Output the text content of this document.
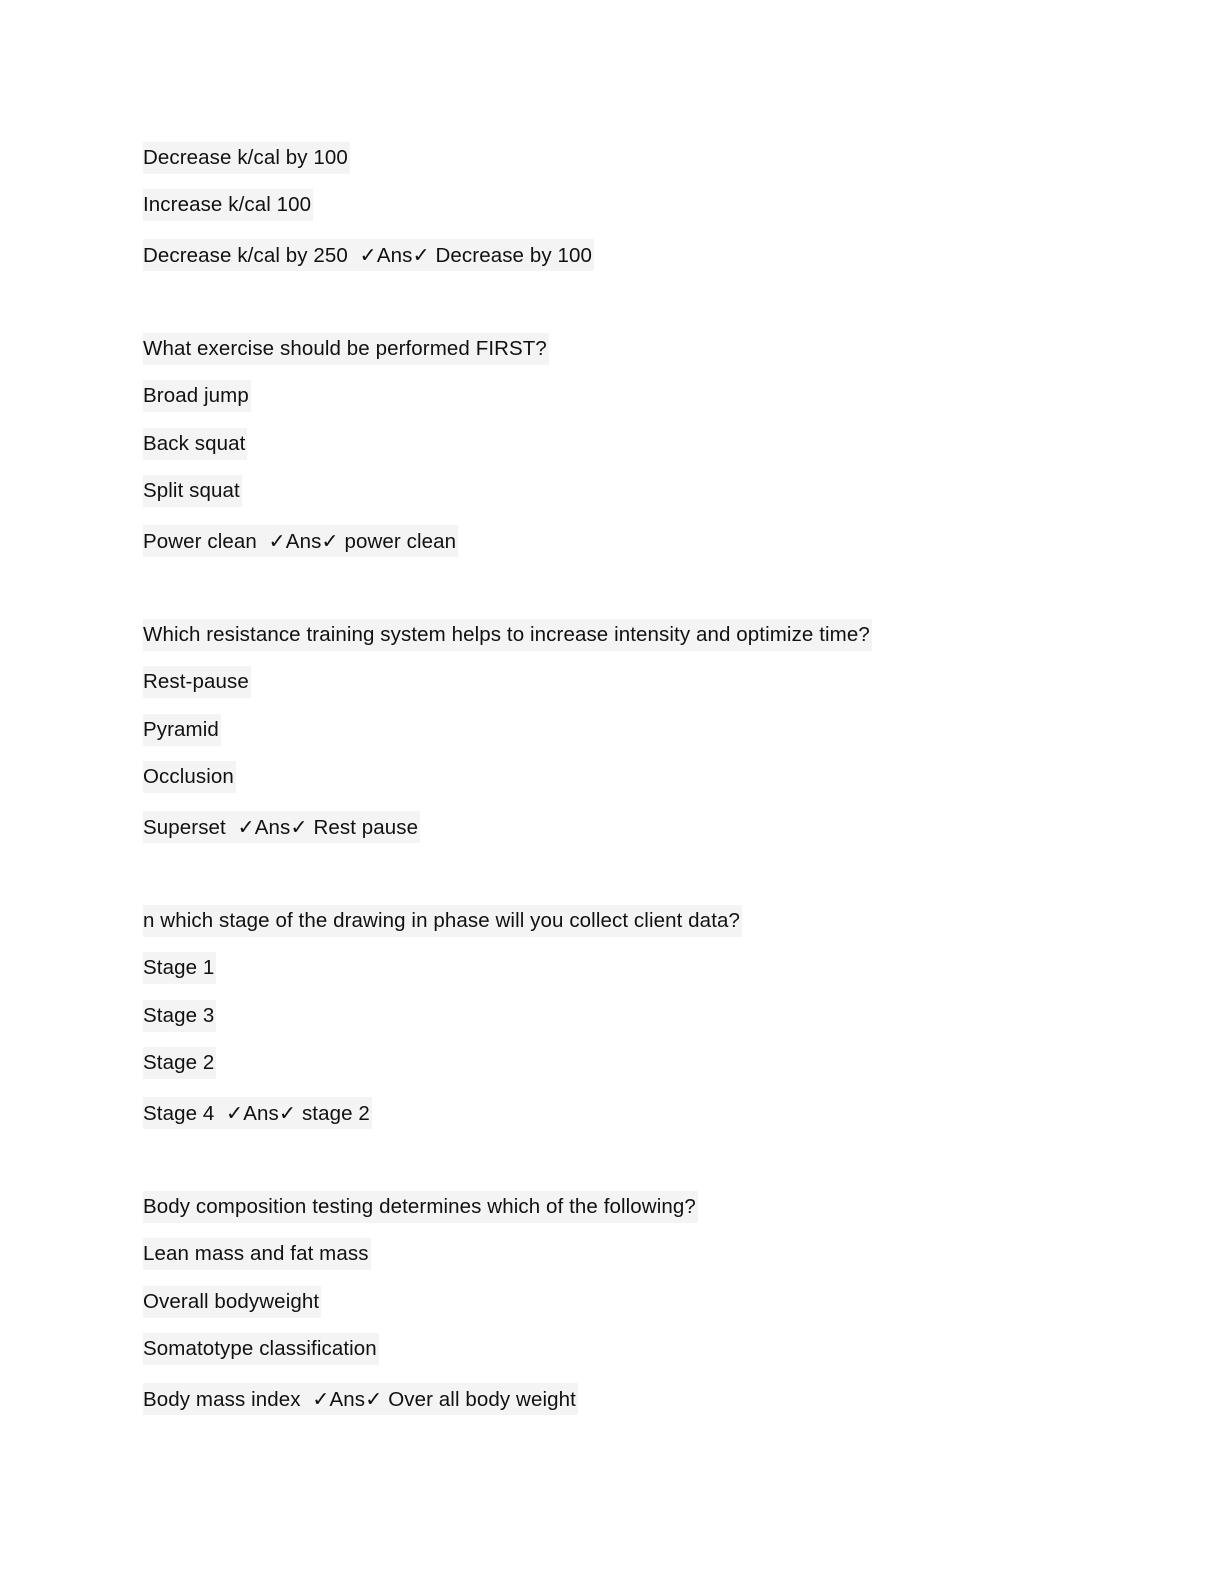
Decrease k/cal by 100
Increase k/cal 100
Decrease k/cal by 250 ✓Ans✓ Decrease by 100
What exercise should be performed FIRST?
Broad jump
Back squat
Split squat
Power clean ✓Ans✓ power clean
Which resistance training system helps to increase intensity and optimize time?
Rest-pause
Pyramid
Occlusion
Superset ✓Ans✓ Rest pause
n which stage of the drawing in phase will you collect client data?
Stage 1
Stage 3
Stage 2
Stage 4 ✓Ans✓ stage 2
Body composition testing determines which of the following?
Lean mass and fat mass
Overall bodyweight
Somatotype classification
Body mass index ✓Ans✓ Over all body weight
